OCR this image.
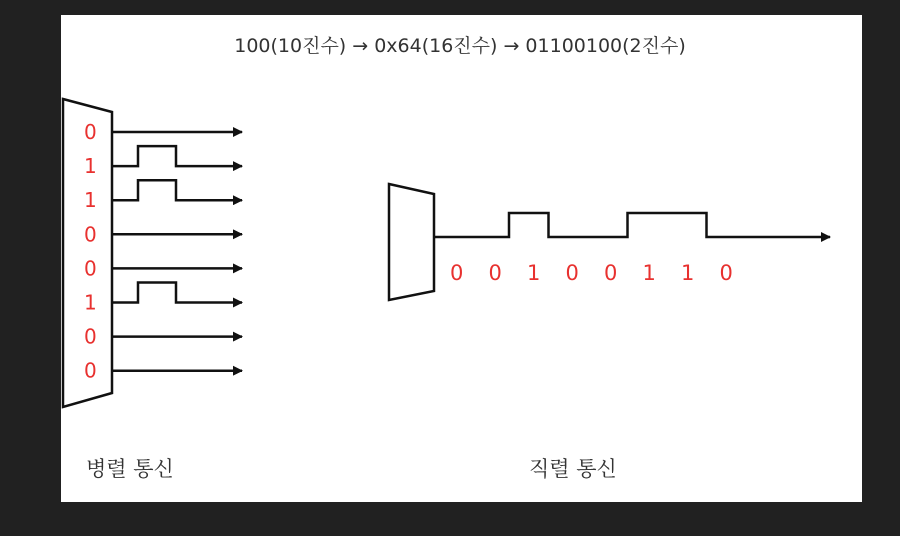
100(10진수) → 0x64(16진수) → 01100100(2진수)
0
1
1
0
0
1
0
0
0 0 1 0 0 1 1 0
병렬 통신	직렬 통신
